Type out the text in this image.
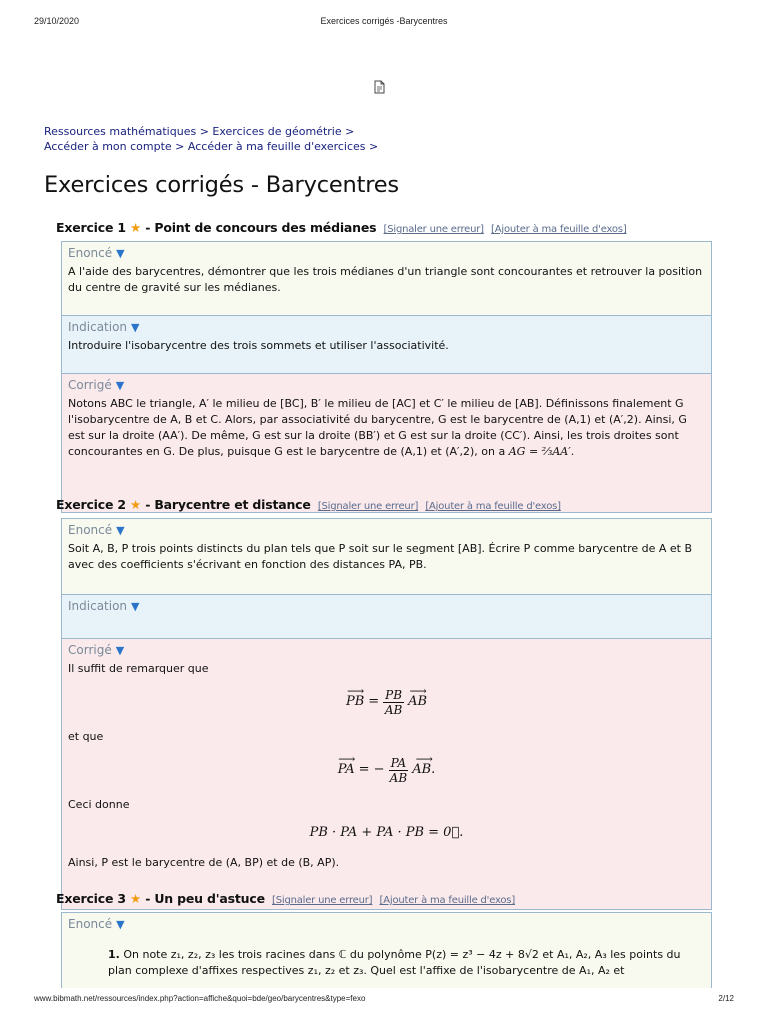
29/10/2020	Exercices corrigés -Barycentres
Ressources mathématiques > Exercices de géométrie >
Accéder à mon compte > Accéder à ma feuille d'exercices >
Exercices corrigés - Barycentres
Exercice 1 ★ - Point de concours des médianes [Signaler une erreur] [Ajouter à ma feuille d'exos]
Enoncé ▼
A l'aide des barycentres, démontrer que les trois médianes d'un triangle sont concourantes et retrouver la position du centre de gravité sur les médianes.
Indication ▼
Introduire l'isobarycentre des trois sommets et utiliser l'associativité.
Corrigé ▼
Notons ABC le triangle, A′ le milieu de [BC], B′ le milieu de [AC] et C′ le milieu de [AB]. Définissons finalement G l'isobarycentre de A, B et C. Alors, par associativité du barycentre, G est le barycentre de (A,1) et (A′,2). Ainsi, G est sur la droite (AA′). De même, G est sur la droite (BB′) et G est sur la droite (CC′). Ainsi, les trois droites sont concourantes en G. De plus, puisque G est le barycentre de (A,1) et (A′,2), on a AG = ⅔AA′.
Exercice 2 ★ - Barycentre et distance [Signaler une erreur] [Ajouter à ma feuille d'exos]
Enoncé ▼
Soit A, B, P trois points distincts du plan tels que P soit sur le segment [AB]. Écrire P comme barycentre de A et B avec des coefficients s'écrivant en fonction des distances PA, PB.
Indication ▼
Corrigé ▼
Il suffit de remarquer que
⟶ PB = $\frac{PB}{AB}$ ⟶ AB
et que
⟶ PA = − $\frac{PA}{AB}$ ⟶ AB.
Ceci donne
PB · PA + PA · PB = 0⃗.
Ainsi, P est le barycentre de (A, BP) et de (B, AP).
Exercice 3 ★ - Un peu d'astuce [Signaler une erreur] [Ajouter à ma feuille d'exos]
Enoncé ▼
1. On note z₁, z₂, z₃ les trois racines dans ℂ du polynôme P(z) = z³ − 4z + 8√2 et A₁, A₂, A₃ les points du plan complexe d'affixes respectives z₁, z₂ et z₃. Quel est l'affixe de l'isobarycentre de A₁, A₂ et
www.bibmath.net/ressources/index.php?action=affiche&quoi=bde/geo/barycentres&type=fexo	2/12
